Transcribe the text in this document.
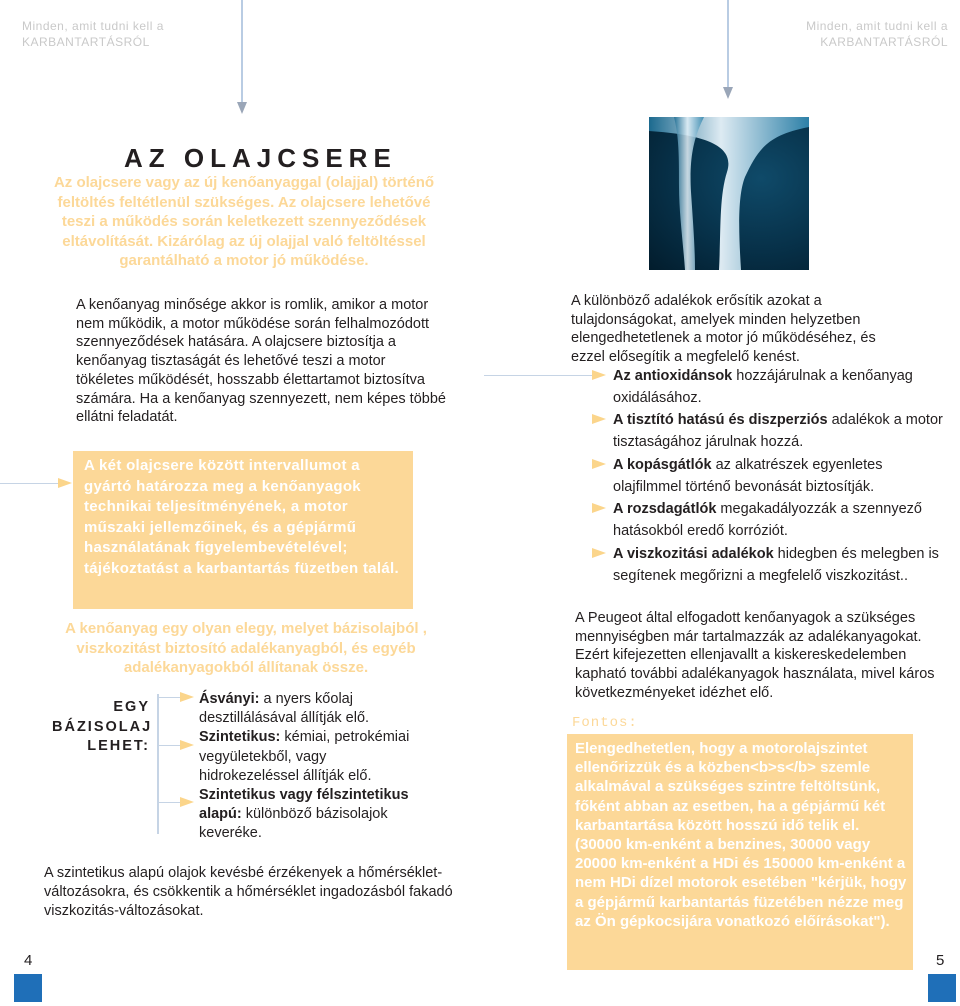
Minden, amit tudni kell a
KARBANTARTÁSRÓL
Minden, amit tudni kell a
KARBANTARTÁSRÓL
AZ OLAJCSERE
Az olajcsere vagy az új kenőanyaggal (olajjal) történő feltöltés feltétlenül szükséges. Az olajcsere lehetővé teszi a működés során keletkezett szennyeződések eltávolítását. Kizárólag az új olajjal való feltöltéssel garantálható a motor jó működése.
A kenőanyag minősége akkor is romlik, amikor a motor nem működik, a motor működése során felhalmozódott szennyeződések hatására. A olajcsere biztosítja a kenőanyag tisztaságát és lehetővé teszi a motor tökéletes működését, hosszabb élettartamot biztosítva számára. Ha a kenőanyag szennyezett, nem képes többé ellátni feladatát.
A két olajcsere között intervallumot a gyártó határozza meg a kenőanyagok technikai teljesítményének, a motor műszaki jellemzőinek, és a gépjármű használatának figyelembevételével; tájékoztatást a karbantartás füzetben talál.
A kenőanyag egy olyan elegy, melyet bázisolajból , viszkozitást biztosító adalékanyagból, és egyéb adalékanyagokból állítanak össze.
EGY
BÁZISOLAJ
LEHET:

Ásványi: a nyers kőolaj desztillálásával állítják elő.

Szintetikus: kémiai, petrokémiai vegyületekből, vagy hidrokezeléssel állítják elő.

Szintetikus vagy félszintetikus alapú: különböző bázisolajok keveréke.

A szintetikus alapú olajok kevésbé érzékenyek a hőmérséklet-változásokra, és csökkentik a hőmérséklet ingadozásból fakadó viszkozitás-változásokat.
4
A különböző adalékok erősítik azokat a tulajdonságokat, amelyek minden helyzetben elengedhetetlenek a motor jó működéséhez, és ezzel elősegítik a megfelelő kenést.
Az antioxidánsok hozzájárulnak a kenőanyag oxidálásához.
A tisztító hatású és diszperziós adalékok a motor tisztaságához járulnak hozzá.
A kopásgátlók az alkatrészek egyenletes olajfilmmel történő bevonását biztosítják.
A rozsdagátlók megakadályozzák a szennyező hatásokból eredő korróziót.
A viszkozitási adalékok hidegben és melegben is segítenek megőrizni a megfelelő viszkozitást..
A Peugeot által elfogadott kenőanyagok a szükséges mennyiségben már tartalmazzák az adalékanyagokat. Ezért kifejezetten ellenjavallt a kiskereskedelemben kapható további adalékanyagok használata, mivel káros következményeket idézhet elő.
Fontos:
Elengedhetetlen, hogy a motorolajszintet ellenőrizzük és a közben<b>s</b> szemle alkalmával a szükséges szintre feltöltsünk, főként abban az esetben, ha a gépjármű két karbantartása között hosszú idő telik el. (30000 km-enként a benzines, 30000 vagy 20000 km-enként a HDi és 150000 km-enként a nem HDi dízel motorok esetében "kérjük, hogy a gépjármű karbantartás füzetében nézze meg az Ön gépkocsijára vonatkozó előírásokat").
5
